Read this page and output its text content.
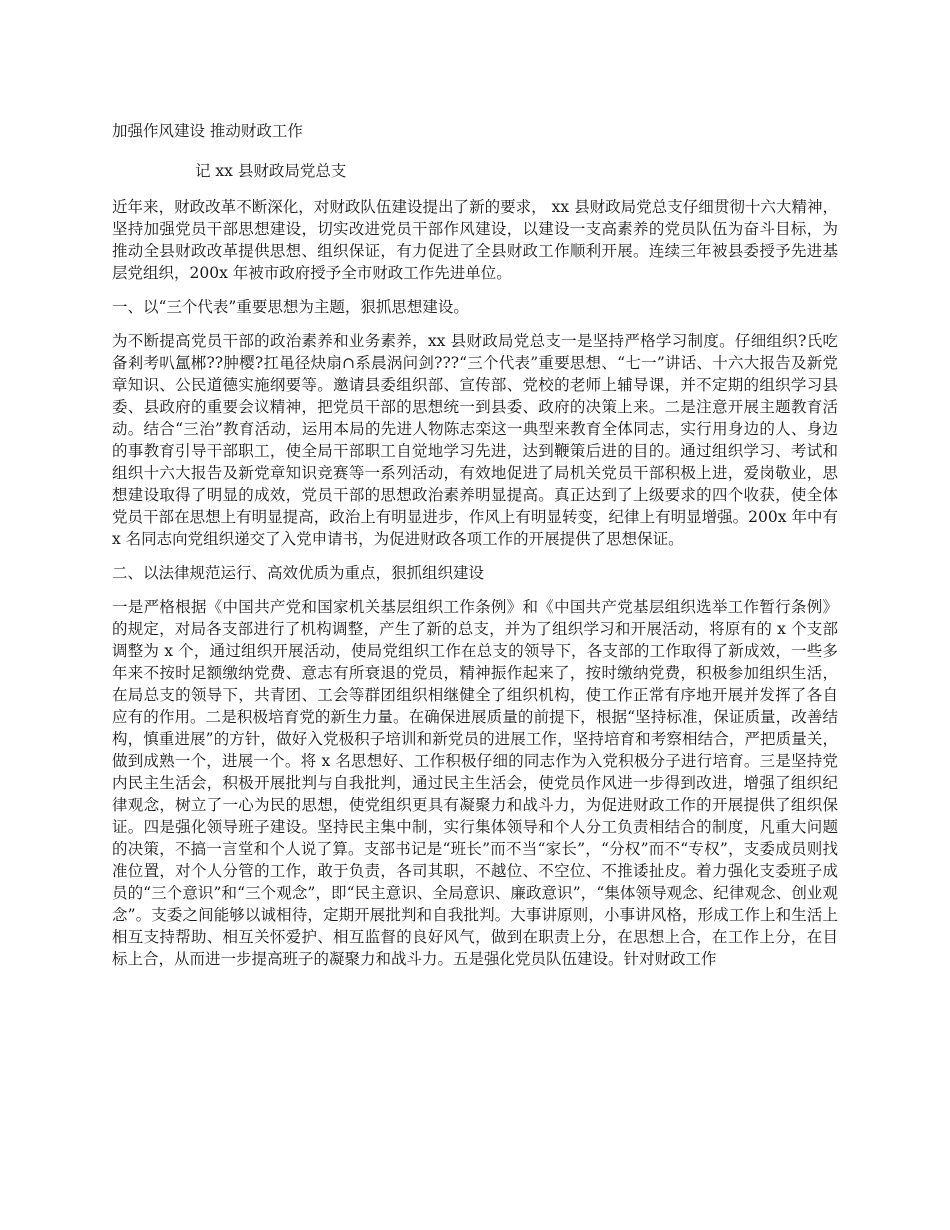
加强作风建设 推动财政工作

记 xx 县财政局党总支

近年来，财政改革不断深化，对财政队伍建设提出了新的要求， xx 县财政局党总支仔细贯彻十六大精神，坚持加强党员干部思想建设，切实改进党员干部作风建设，以建设一支高素养的党员队伍为奋斗目标，为推动全县财政改革提供思想、组织保证，有力促进了全县财政工作顺利开展。连续三年被县委授予先进基层党组织，200x 年被市政府授予全市财政工作先进单位。

一、以“三个代表”重要思想为主题，狠抓思想建设。

为不断提高党员干部的政治素养和业务素养，xx 县财政局党总支一是坚持严格学习制度。仔细组织?氏吃备剎考叭氲郴??肿樱?扛黾径炔扇∩系晨涡问剑???“三个代表”重要思想、“七一”讲话、十六大报告及新党章知识、公民道德实施纲要等。邀请县委组织部、宣传部、党校的老师上辅导课，并不定期的组织学习县委、县政府的重要会议精神，把党员干部的思想统一到县委、政府的决策上来。二是注意开展主题教育活动。结合“三治”教育活动，运用本局的先进人物陈志栾这一典型来教育全体同志，实行用身边的人、身边的事教育引导干部职工，使全局干部职工自觉地学习先进，达到鞭策后进的目的。通过组织学习、考试和组织十六大报告及新党章知识竞赛等一系列活动，有效地促进了局机关党员干部积极上进，爱岗敬业，思想建设取得了明显的成效，党员干部的思想政治素养明显提高。真正达到了上级要求的四个收获，使全体党员干部在思想上有明显提高，政治上有明显进步，作风上有明显转变，纪律上有明显增强。200x 年中有 x 名同志向党组织递交了入党申请书，为促进财政各项工作的开展提供了思想保证。

二、以法律规范运行、高效优质为重点，狠抓组织建设

一是严格根据《中国共产党和国家机关基层组织工作条例》和《中国共产党基层组织选举工作暂行条例》的规定，对局各支部进行了机构调整，产生了新的总支，并为了组织学习和开展活动，将原有的 x 个支部调整为 x 个，通过组织开展活动，使局党组织工作在总支的领导下，各支部的工作取得了新成效，一些多年来不按时足额缴纳党费、意志有所衰退的党员，精神振作起来了，按时缴纳党费，积极参加组织生活，在局总支的领导下，共青团、工会等群团组织相继健全了组织机构，使工作正常有序地开展并发挥了各自应有的作用。二是积极培育党的新生力量。在确保进展质量的前提下，根据“坚持标准，保证质量，改善结构，慎重进展”的方针，做好入党极积子培训和新党员的进展工作，坚持培育和考察相结合，严把质量关，做到成熟一个，进展一个。将 x 名思想好、工作积极仔细的同志作为入党积极分子进行培育。三是坚持党内民主生活会，积极开展批判与自我批判，通过民主生活会，使党员作风进一步得到改进，增强了组织纪律观念，树立了一心为民的思想，使党组织更具有凝聚力和战斗力，为促进财政工作的开展提供了组织保证。四是强化领导班子建设。坚持民主集中制，实行集体领导和个人分工负责相结合的制度，凡重大问题的决策，不搞一言堂和个人说了算。支部书记是“班长”而不当“家长”，“分权”而不“专权”，支委成员则找准位置，对个人分管的工作，敢于负责，各司其职，不越位、不空位、不推诿扯皮。着力强化支委班子成员的“三个意识”和“三个观念”，即“民主意识、全局意识、廉政意识”，“集体领导观念、纪律观念、创业观念”。支委之间能够以诚相待，定期开展批判和自我批判。大事讲原则，小事讲风格，形成工作上和生活上相互支持帮助、相互关怀爱护、相互监督的良好风气，做到在职责上分，在思想上合，在工作上分，在目标上合，从而进一步提高班子的凝聚力和战斗力。五是强化党员队伍建设。针对财政工作
